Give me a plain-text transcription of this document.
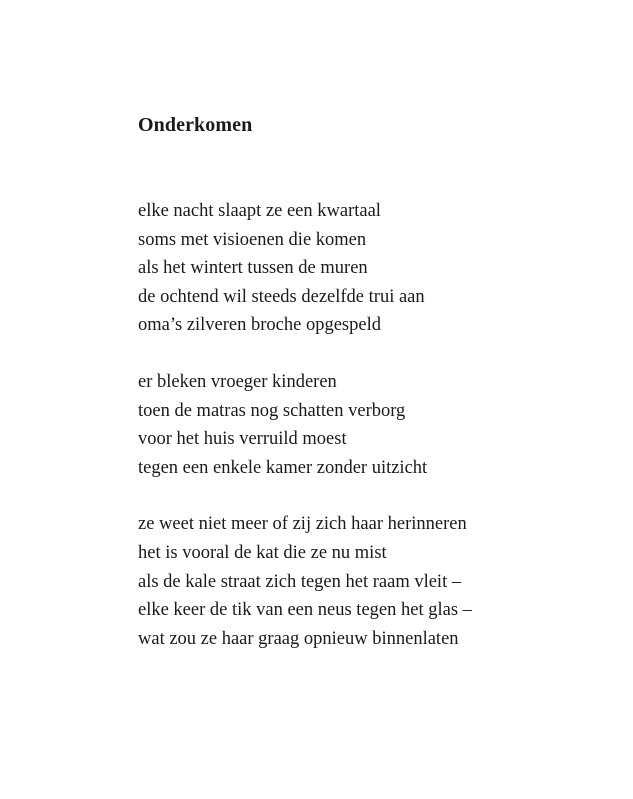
Onderkomen
elke nacht slaapt ze een kwartaal
soms met visioenen die komen
als het wintert tussen de muren
de ochtend wil steeds dezelfde trui aan
oma’s zilveren broche opgespeld
er bleken vroeger kinderen
toen de matras nog schatten verborg
voor het huis verruild moest
tegen een enkele kamer zonder uitzicht
ze weet niet meer of zij zich haar herinneren
het is vooral de kat die ze nu mist
als de kale straat zich tegen het raam vleit –
elke keer de tik van een neus tegen het glas –
wat zou ze haar graag opnieuw binnenlaten
